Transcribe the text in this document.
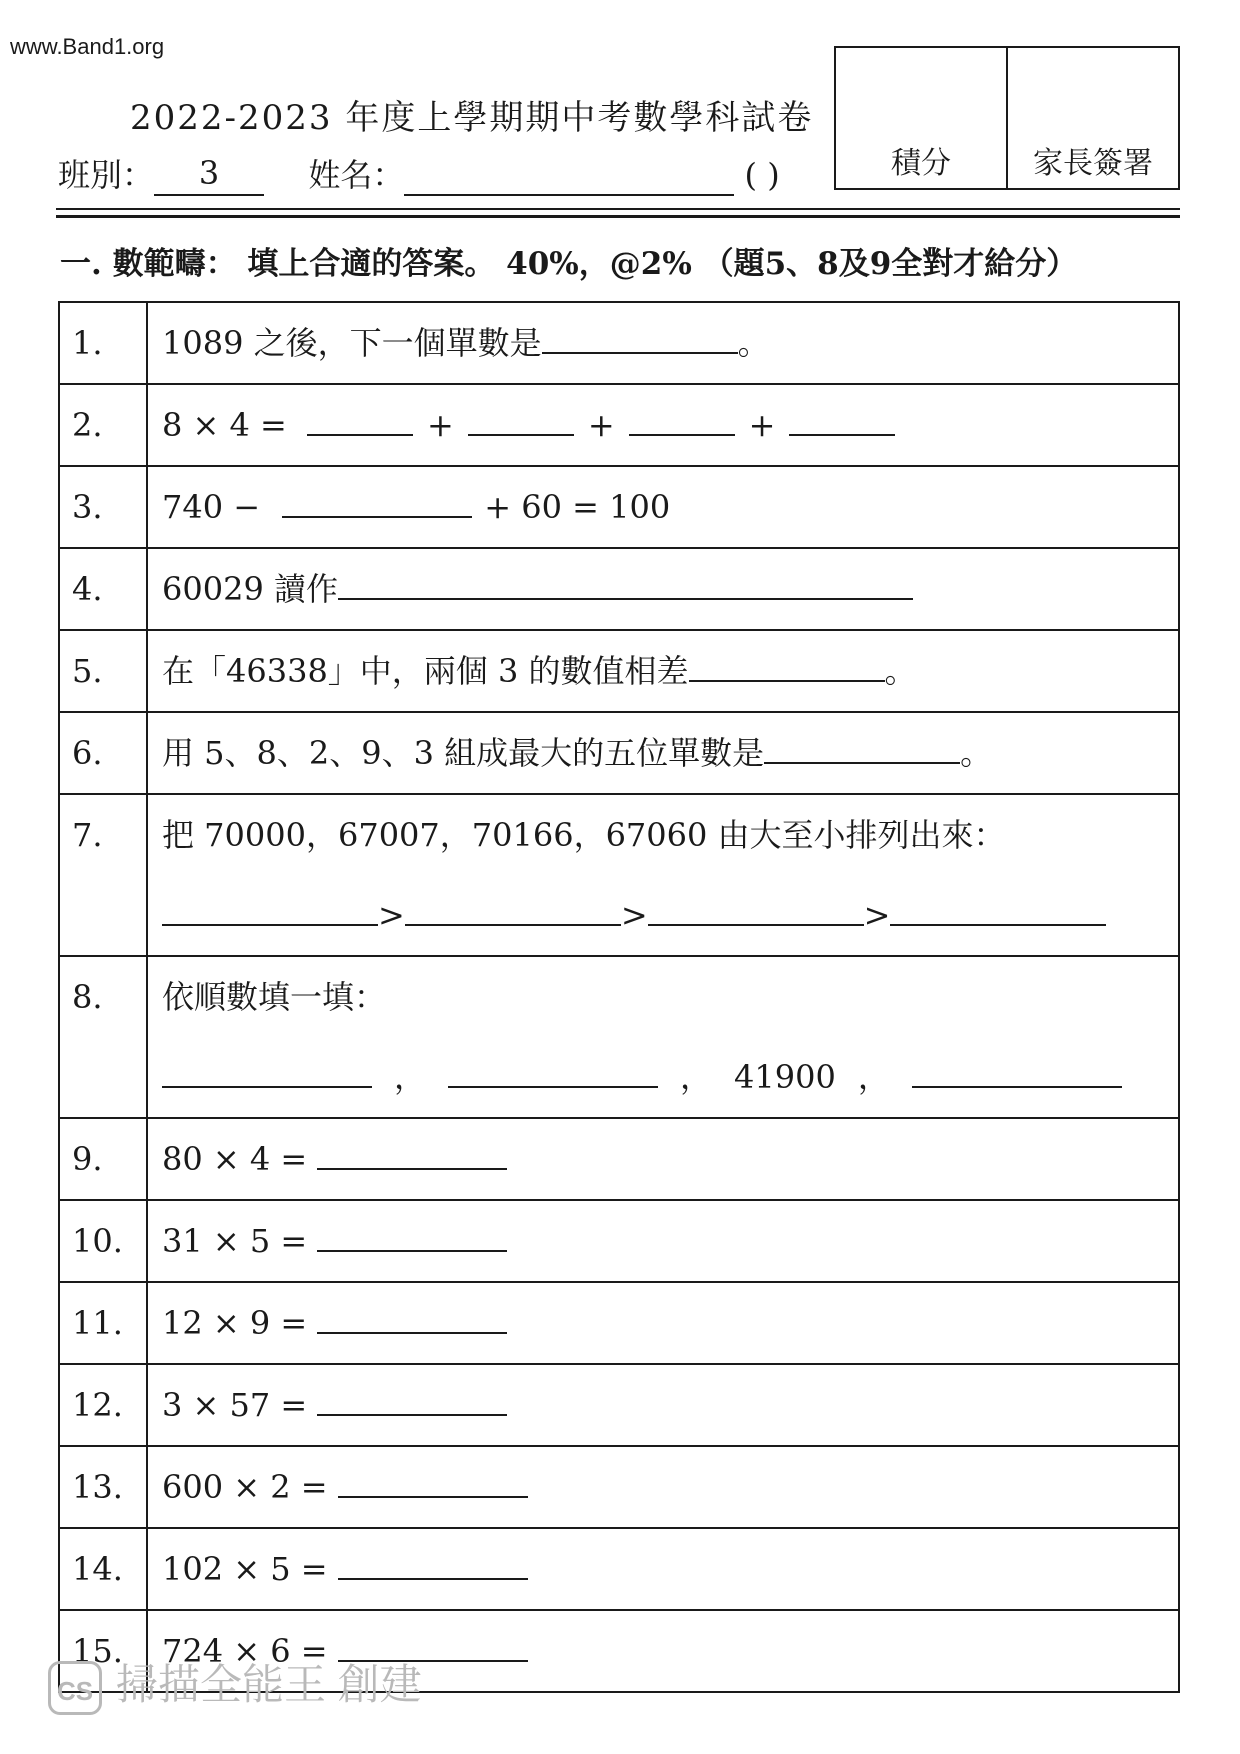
www.Band1.org
2022-2023 年度上學期期中考數學科試卷
班別： 3	姓名：	( )	積分	家長簽署
一. 數範疇： 填上合適的答案。 40%，@2% （題5、8及9全對才給分）
1.	1089 之後，下一個單數是 。
2.	8 × 4 = + + +
3.	740 − + 60 = 100
4.	60029 讀作
5.	在「46338」中，兩個 3 的數值相差 。
6.	用 5、8、2、9、3 組成最大的五位單數是 。
7.	把 70000，67007，70166，67060 由大至小排列出來：
> > >

8.	依順數填一填：
， ， 41900 ，

9.	80 × 4 =
10.	31 × 5 =
11.	12 × 9 =
12.	3 × 57 =
13.	600 × 2 =
14.	102 × 5 =
15.	724 × 6 =
CS 掃描全能王 創建
